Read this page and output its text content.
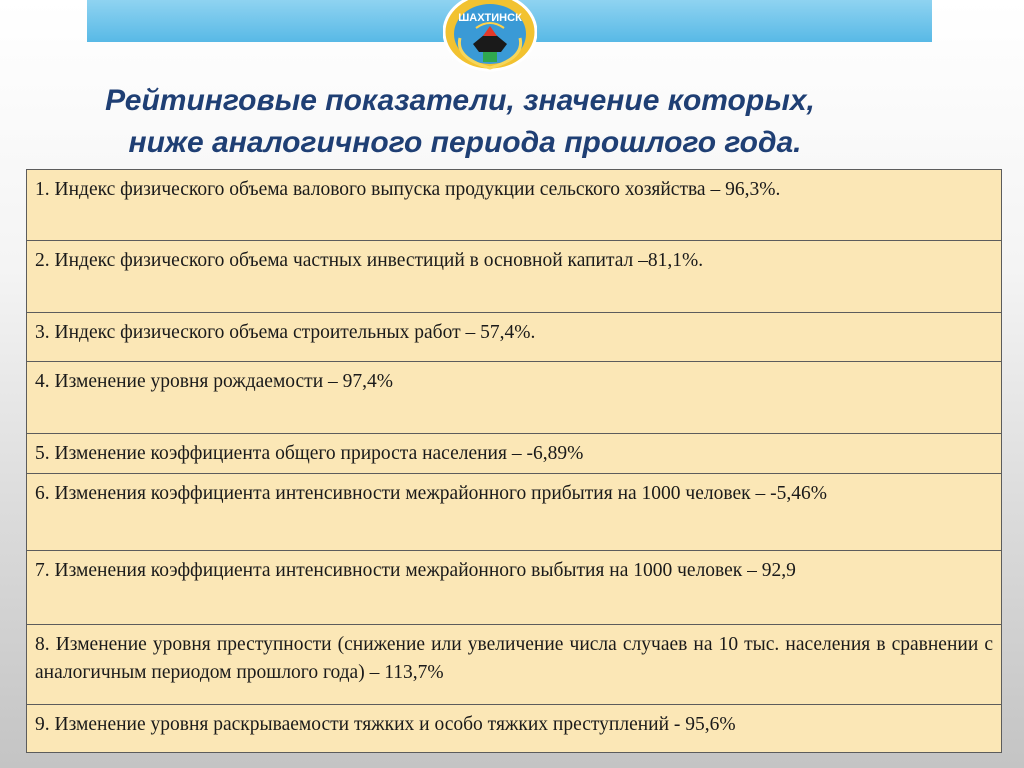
ШАХТИНСК
Рейтинговые показатели, значение которых,
ниже аналогичного периода прошлого года.
1. Индекс физического объема валового выпуска продукции сельского хозяйства – 96,3%.
2. Индекс физического объема частных инвестиций в основной капитал –81,1%.
3. Индекс физического объема строительных работ – 57,4%.
4. Изменение уровня рождаемости – 97,4%
5. Изменение коэффициента общего прироста населения – -6,89%
6. Изменения коэффициента интенсивности межрайонного прибытия на 1000 человек – -5,46%
7. Изменения коэффициента интенсивности межрайонного выбытия на 1000 человек – 92,9
8. Изменение уровня преступности (снижение или увеличение числа случаев на 10 тыс. населения в сравнении с аналогичным периодом прошлого года) – 113,7%
9. Изменение уровня раскрываемости тяжких и особо тяжких преступлений - 95,6%
